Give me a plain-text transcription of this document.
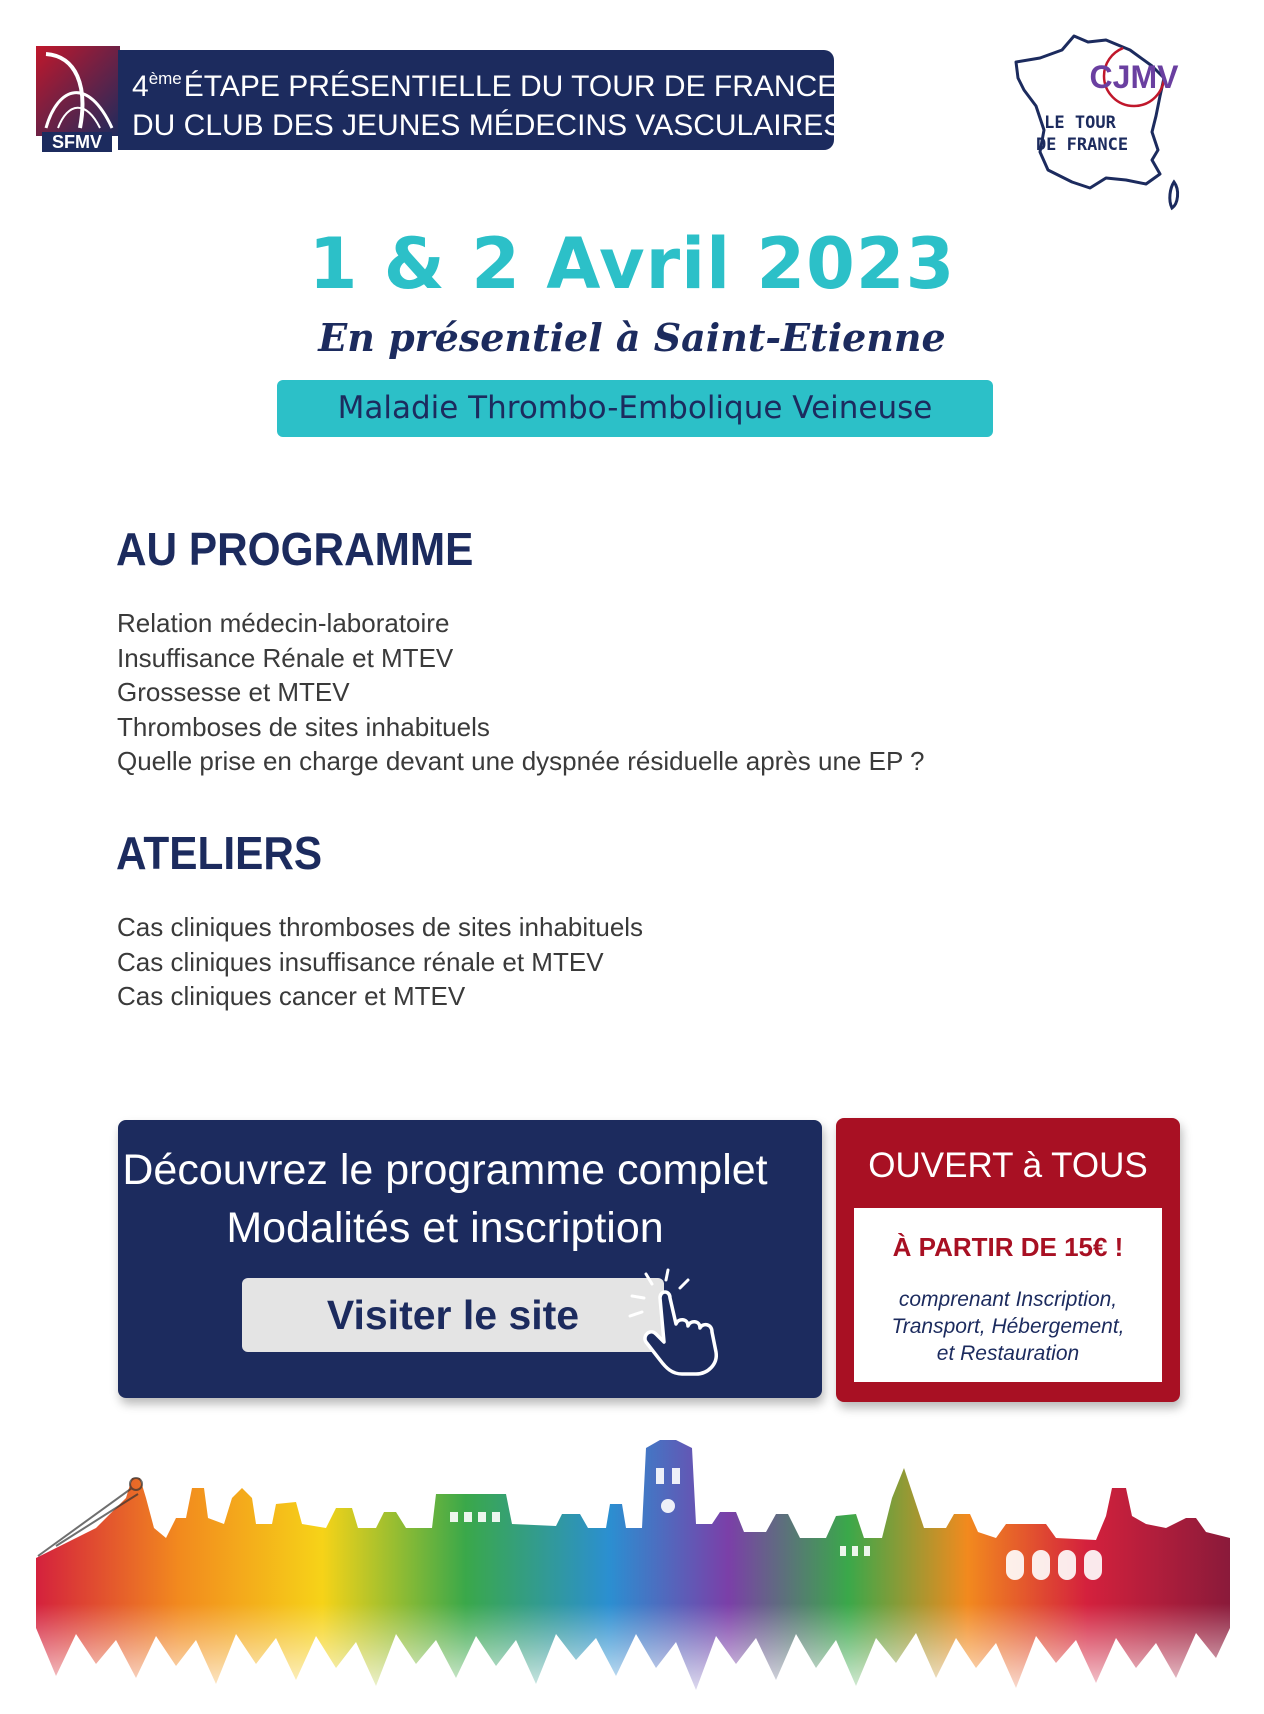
SFMV
4èmeÉTAPE PRÉSENTIELLE DU TOUR DE FRANCE
DU CLUB DES JEUNES MÉDECINS VASCULAIRES
CJMV
LE TOUR
DE FRANCE
1 & 2 Avril 2023
En présentiel à Saint-Etienne
Maladie Thrombo-Embolique Veineuse
AU PROGRAMME
Relation médecin-laboratoire
Insuffisance Rénale et MTEV
Grossesse et MTEV
Thromboses de sites inhabituels
Quelle prise en charge devant une dyspnée résiduelle après une EP ?
ATELIERS
Cas cliniques thromboses de sites inhabituels
Cas cliniques insuffisance rénale et MTEV
Cas cliniques cancer et MTEV
Découvrez le programme complet
Modalités et inscription
Visiter le site
OUVERT à TOUS
À PARTIR DE 15€ !
comprenant Inscription,
Transport, Hébergement,
et Restauration
